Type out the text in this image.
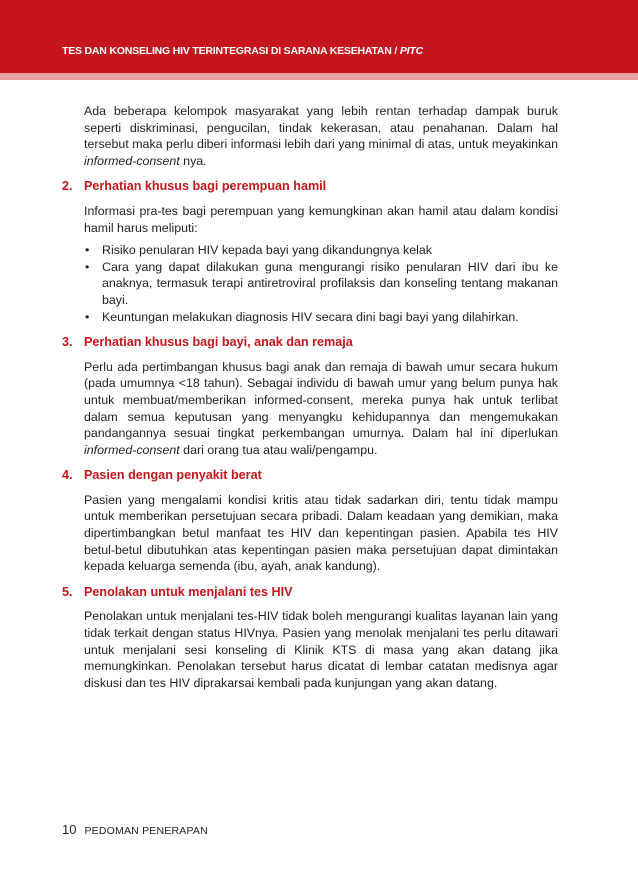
TES DAN KONSELING HIV TERINTEGRASI DI SARANA KESEHATAN / PITC

Ada beberapa kelompok masyarakat yang lebih rentan terhadap dampak buruk seperti diskriminasi, pengucilan, tindak kekerasan, atau penahanan. Dalam hal tersebut maka perlu diberi informasi lebih dari yang minimal di atas, untuk meyakinkan informed-consent nya.

2. Perhatian khusus bagi perempuan hamil

Informasi pra-tes bagi perempuan yang kemungkinan akan hamil atau dalam kondisi hamil harus meliputi:

• Risiko penularan HIV kepada bayi yang dikandungnya kelak
• Cara yang dapat dilakukan guna mengurangi risiko penularan HIV dari ibu ke anaknya, termasuk terapi antiretroviral profilaksis dan konseling tentang makanan bayi.
• Keuntungan melakukan diagnosis HIV secara dini bagi bayi yang dilahirkan.
3. Perhatian khusus bagi bayi, anak dan remaja

Perlu ada pertimbangan khusus bagi anak dan remaja di bawah umur secara hukum (pada umumnya <18 tahun). Sebagai individu di bawah umur yang belum punya hak untuk membuat/memberikan informed-consent, mereka punya hak untuk terlibat dalam semua keputusan yang menyangku kehidupannya dan mengemukakan pandangannya sesuai tingkat perkembangan umurnya. Dalam hal ini diperlukan informed-consent dari orang tua atau wali/pengampu.

4. Pasien dengan penyakit berat

Pasien yang mengalami kondisi kritis atau tidak sadarkan diri, tentu tidak mampu untuk memberikan persetujuan secara pribadi. Dalam keadaan yang demikian, maka dipertimbangkan betul manfaat tes HIV dan kepentingan pasien. Apabila tes HIV betul-betul dibutuhkan atas kepentingan pasien maka persetujuan dapat dimintakan kepada keluarga semenda (ibu, ayah, anak kandung).

5. Penolakan untuk menjalani tes HIV

Penolakan untuk menjalani tes-HIV tidak boleh mengurangi kualitas layanan lain yang tidak terkait dengan status HIVnya. Pasien yang menolak menjalani tes perlu ditawari untuk menjalani sesi konseling di Klinik KTS di masa yang akan datang jika memungkinkan. Penolakan tersebut harus dicatat di lembar catatan medisnya agar diskusi dan tes HIV diprakarsai kembali pada kunjungan yang akan datang.

10 PEDOMAN PENERAPAN
